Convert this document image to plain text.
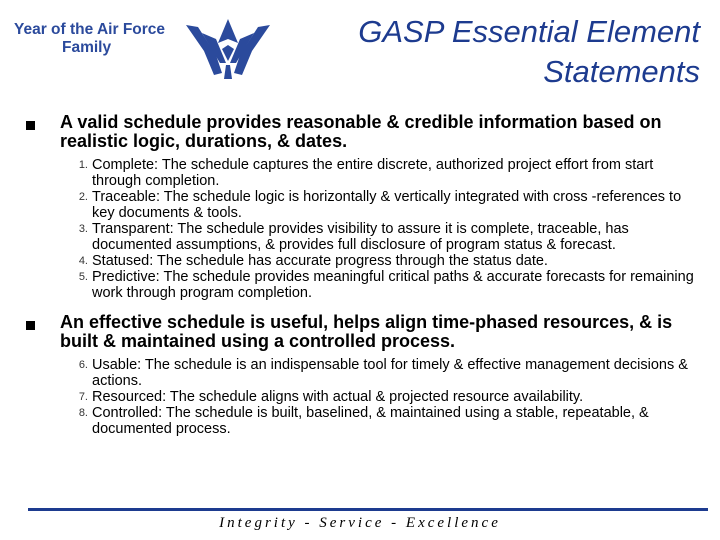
Year of the Air Force
Family	GASP Essential Element
Statements
A valid schedule provides reasonable & credible information based on realistic logic, durations, & dates.
1. Complete: The schedule captures the entire discrete, authorized project effort from start through completion.
2. Traceable: The schedule logic is horizontally & vertically integrated with cross -references to key documents & tools.
3. Transparent: The schedule provides visibility to assure it is complete, traceable, has documented assumptions, & provides full disclosure of program status & forecast.
4. Statused: The schedule has accurate progress through the status date.
5. Predictive: The schedule provides meaningful critical paths & accurate forecasts for remaining work through program completion.
An effective schedule is useful, helps align time-phased resources, & is built & maintained using a controlled process.
6. Usable: The schedule is an indispensable tool for timely & effective management decisions & actions.
7. Resourced: The schedule aligns with actual & projected resource availability.
8. Controlled: The schedule is built, baselined, & maintained using a stable, repeatable, & documented process.
Integrity - Service - Excellence
